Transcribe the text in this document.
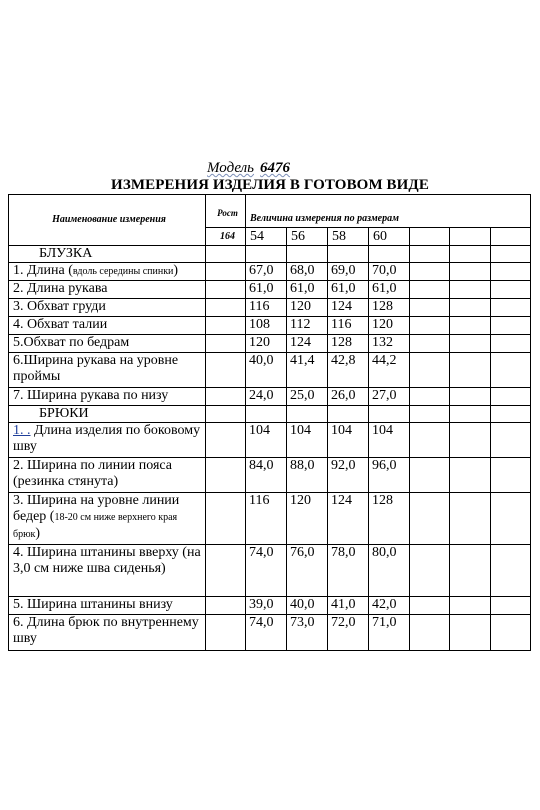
Модель 6476
ИЗМЕРЕНИЯ ИЗДЕЛИЯ В ГОТОВОМ ВИДЕ
Наименование измерения	Рост	Величина измерения по размерам						
	164	54	56	58	60			
БЛУЗКА								
1. Длина (вдоль середины спинки)		67,0	68,0	69,0	70,0			
2. Длина рукава		61,0	61,0	61,0	61,0			
3. Обхват груди		116	120	124	128			
4. Обхват талии		108	112	116	120			
5.Обхват по бедрам		120	124	128	132			
6.Ширина рукава на уровне проймы		40,0	41,4	42,8	44,2			
7. Ширина рукава по низу		24,0	25,0	26,0	27,0			
БРЮКИ								
1. . Длина изделия по боковому шву		104	104	104	104			
2. Ширина по линии пояса (резинка стянута)		84,0	88,0	92,0	96,0			
3. Ширина на уровне линии бедер (18-20 см ниже верхнего края брюк)		116	120	124	128			
4. Ширина штанины вверху (на 3,0 см ниже шва сиденья)		74,0	76,0	78,0	80,0			
5. Ширина штанины внизу		39,0	40,0	41,0	42,0			
6. Длина брюк по внутреннему шву		74,0	73,0	72,0	71,0			
